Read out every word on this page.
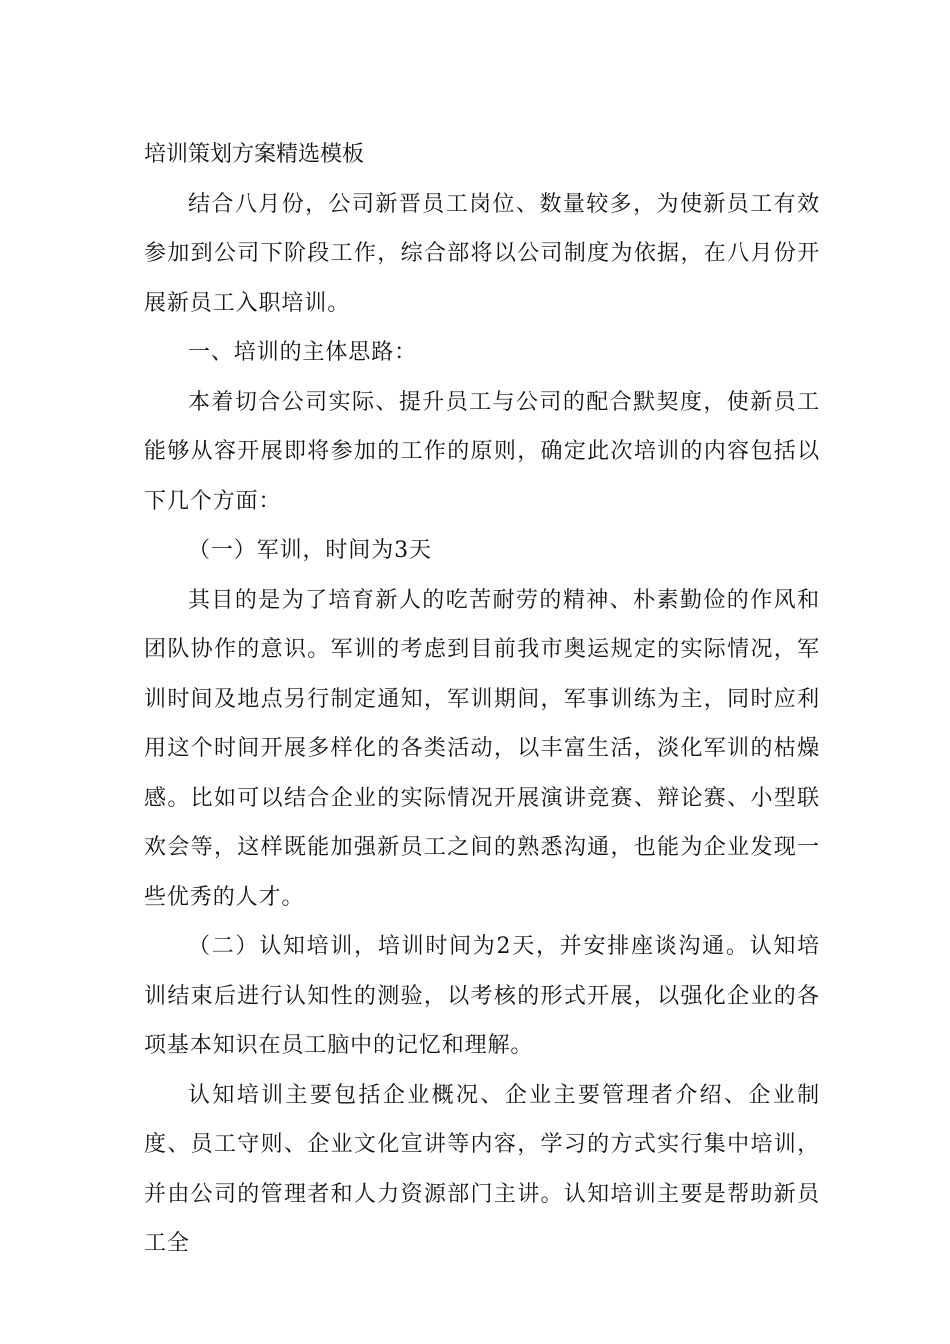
培训策划方案精选模板

结合八月份，公司新晋员工岗位、数量较多，为使新员工有效参加到公司下阶段工作，综合部将以公司制度为依据，在八月份开展新员工入职培训。

一、培训的主体思路：

本着切合公司实际、提升员工与公司的配合默契度，使新员工能够从容开展即将参加的工作的原则，确定此次培训的内容包括以下几个方面：

（一）军训，时间为3天

其目的是为了培育新人的吃苦耐劳的精神、朴素勤俭的作风和团队协作的意识。军训的考虑到目前我市奥运规定的实际情况，军训时间及地点另行制定通知，军训期间，军事训练为主，同时应利用这个时间开展多样化的各类活动，以丰富生活，淡化军训的枯燥感。比如可以结合企业的实际情况开展演讲竞赛、辩论赛、小型联欢会等，这样既能加强新员工之间的熟悉沟通，也能为企业发现一些优秀的人才。

（二）认知培训，培训时间为2天，并安排座谈沟通。认知培训结束后进行认知性的测验，以考核的形式开展，以强化企业的各项基本知识在员工脑中的记忆和理解。

认知培训主要包括企业概况、企业主要管理者介绍、企业制度、员工守则、企业文化宣讲等内容，学习的方式实行集中培训，并由公司的管理者和人力资源部门主讲。认知培训主要是帮助新员工全
